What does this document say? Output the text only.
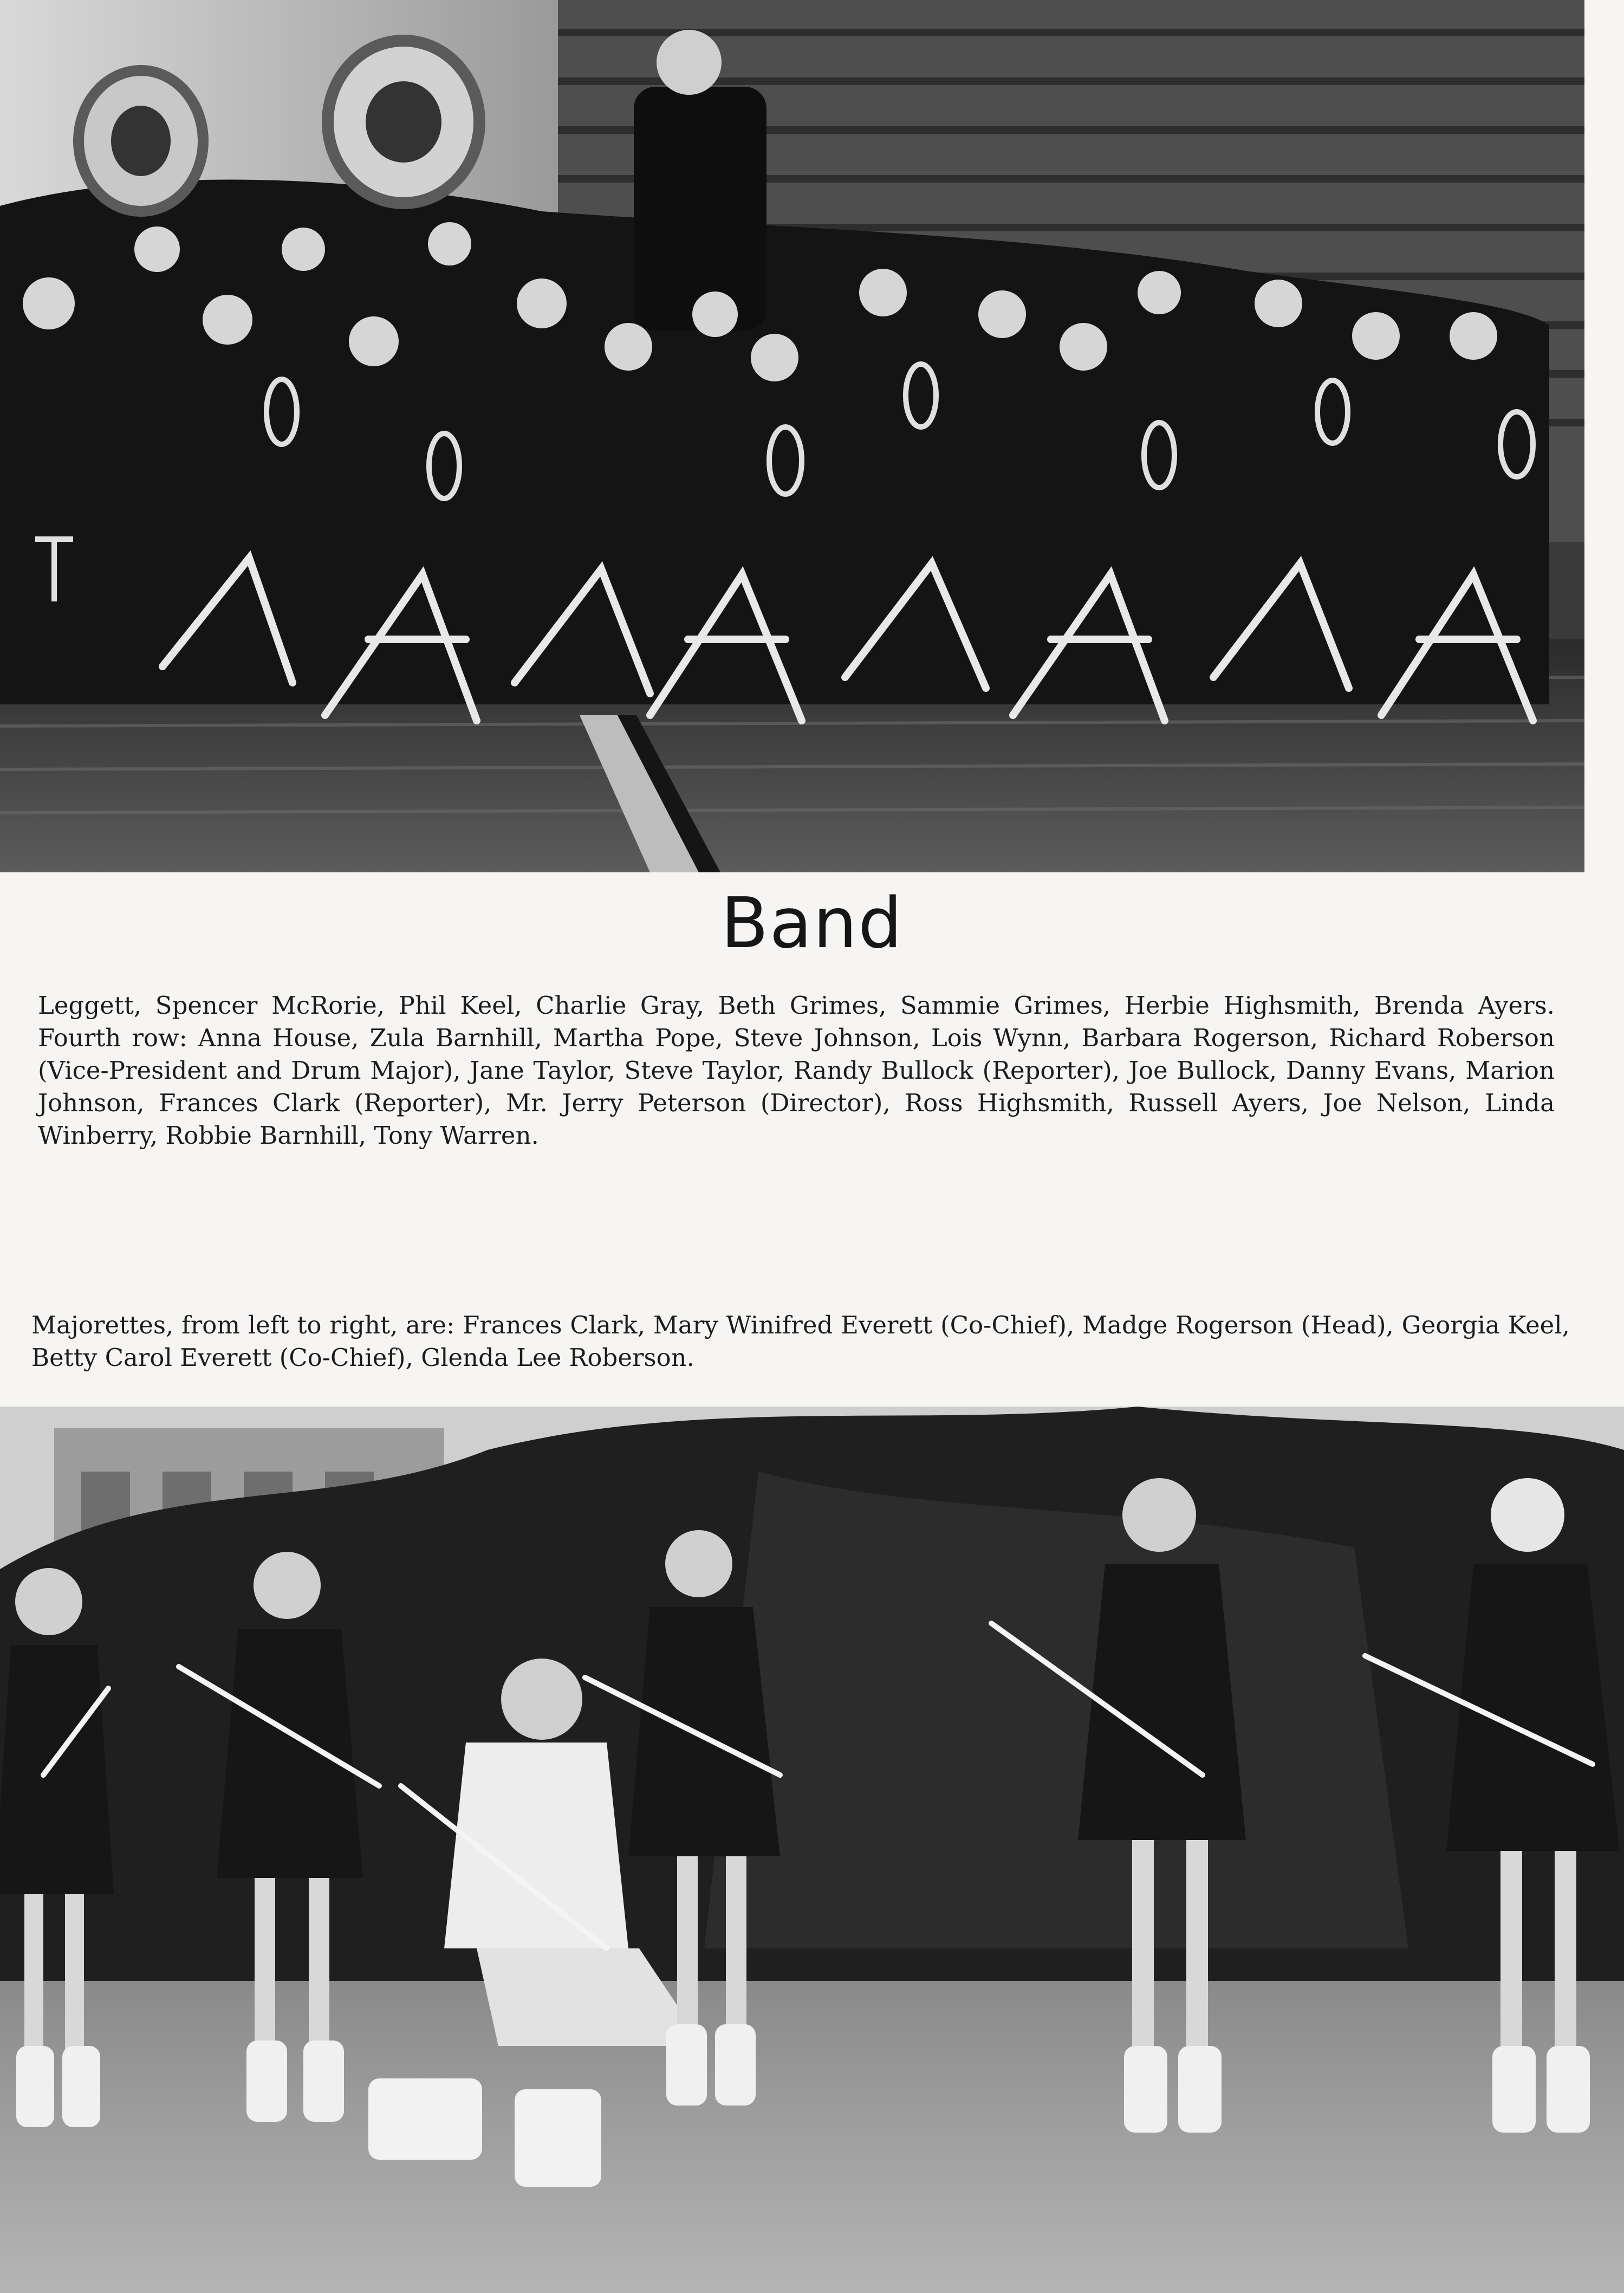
Band

Leggett, Spencer McRorie, Phil Keel, Charlie Gray, Beth Grimes, Sammie Grimes, Herbie Highsmith, Brenda Ayers. Fourth row: Anna House, Zula Barnhill, Martha Pope, Steve Johnson, Lois Wynn, Barbara Rogerson, Richard Roberson (Vice-President and Drum Major), Jane Taylor, Steve Taylor, Randy Bullock (Reporter), Joe Bullock, Danny Evans, Marion Johnson, Frances Clark (Reporter), Mr. Jerry Peterson (Director), Ross Highsmith, Russell Ayers, Joe Nelson, Linda Winberry, Robbie Barnhill, Tony Warren.

Majorettes, from left to right, are: Frances Clark, Mary Winifred Everett (Co-Chief), Madge Rogerson (Head), Georgia Keel, Betty Carol Everett (Co-Chief), Glenda Lee Roberson.
